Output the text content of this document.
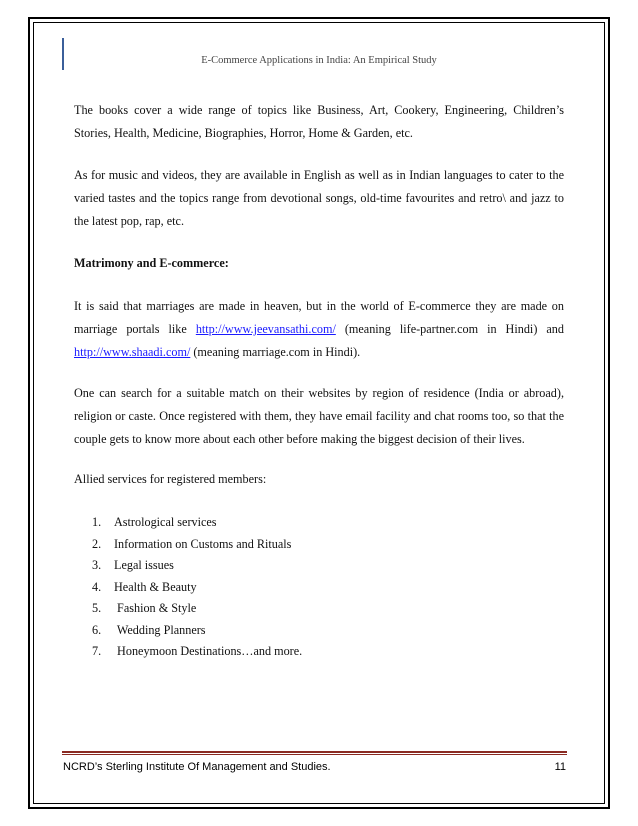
E-Commerce Applications in India: An Empirical Study
The books cover a wide range of topics like Business, Art, Cookery, Engineering, Children’s Stories, Health, Medicine, Biographies, Horror, Home & Garden, etc.
As for music and videos, they are available in English as well as in Indian languages to cater to the varied tastes and the topics range from devotional songs, old-time favourites and retro\ and jazz to the latest pop, rap, etc.
Matrimony and E-commerce:
It is said that marriages are made in heaven, but in the world of E-commerce they are made on marriage portals like http://www.jeevansathi.com/ (meaning life-partner.com in Hindi) and http://www.shaadi.com/ (meaning marriage.com in Hindi).
One can search for a suitable match on their websites by region of residence (India or abroad), religion or caste. Once registered with them, they have email facility and chat rooms too, so that the couple gets to know more about each other before making the biggest decision of their lives.
Allied services for registered members:
1. Astrological services
2. Information on Customs and Rituals
3. Legal issues
4. Health & Beauty
5. Fashion & Style
6. Wedding Planners
7. Honeymoon Destinations…and more.
NCRD’s Sterling Institute Of Management and Studies.	11
